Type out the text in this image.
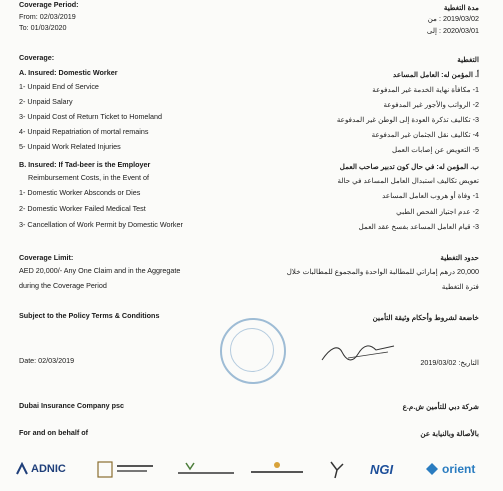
Coverage Period:
From: 02/03/2019
To: 01/03/2020
مدة التغطية
2019/03/02 : من
2020/03/01 : إلى
Coverage:	التغطية
A. Insured: Domestic Worker	أ. المؤمن له: العامل المساعد
1- Unpaid End of Service
2- Unpaid Salary
3- Unpaid Cost of Return Ticket to Homeland
4- Unpaid Repatriation of mortal remains
5- Unpaid Work Related Injuries
1- مكافأة نهاية الخدمة غير المدفوعة
2- الرواتب والأجور غير المدفوعة
3- تكاليف تذكرة العودة إلى الوطن غير المدفوعة
4- تكاليف نقل الجثمان غير المدفوعة
5- التعويض عن إصابات العمل
B. Insured: If Tad-beer is the Employer	ب. المؤمن له: في حال كون تدبير صاحب العمل
Reimbursement Costs, in the Event of	تعويض تكاليف استبدال العامل المساعد في حالة
1- Domestic Worker Absconds or Dies
2- Domestic Worker Failed Medical Test
3- Cancellation of Work Permit by Domestic Worker
1- وفاة أو هروب العامل المساعد
2- عدم اجتياز الفحص الطبي
3- قيام العامل المساعد بفسخ عقد العمل
Coverage Limit:
AED 20,000/- Any One Claim and in the Aggregate
during the Coverage Period
حدود التغطية
20,000 درهم إماراتي للمطالبة الواحدة والمجموع للمطالبات خلال
فترة التغطية
Subject to the Policy Terms & Conditions	خاضعة لشروط وأحكام وثيقة التأمين
Date: 02/03/2019	التاريخ: 2019/03/02
Dubai Insurance Company psc
For and on behalf of
شركة دبي للتأمين ش.م.ع
بالأصالة وبالنيابة عن
ADNIC	NGI	orient
